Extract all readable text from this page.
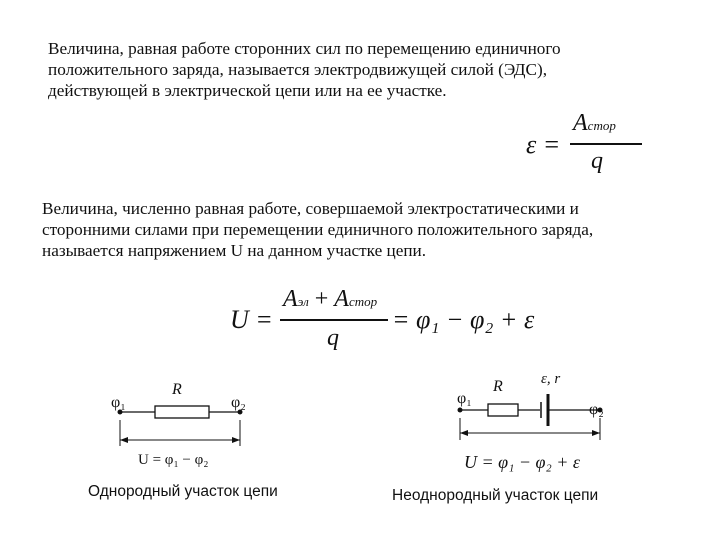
Величина, равная работе сторонних сил по перемещению единичного
положительного заряда, называется электродвижущей силой (ЭДС),
действующей в электрической цепи или на ее участке.

ε =
Aстор
q

Величина, численно равная работе, совершаемой электростатическими и
сторонними силами при перемещении единичного положительного заряда,
называется напряжением U на данном участке цепи.

U =
Aэл + Aстор
q
= φ₁ − φ₂ + ε
φ₁
R
φ₂
U = φ₁ − φ₂
Однородный участок цепи
φ₁
R	ε, r
φ₂
U = φ₁ − φ₂ + ε
Неоднородный участок цепи
